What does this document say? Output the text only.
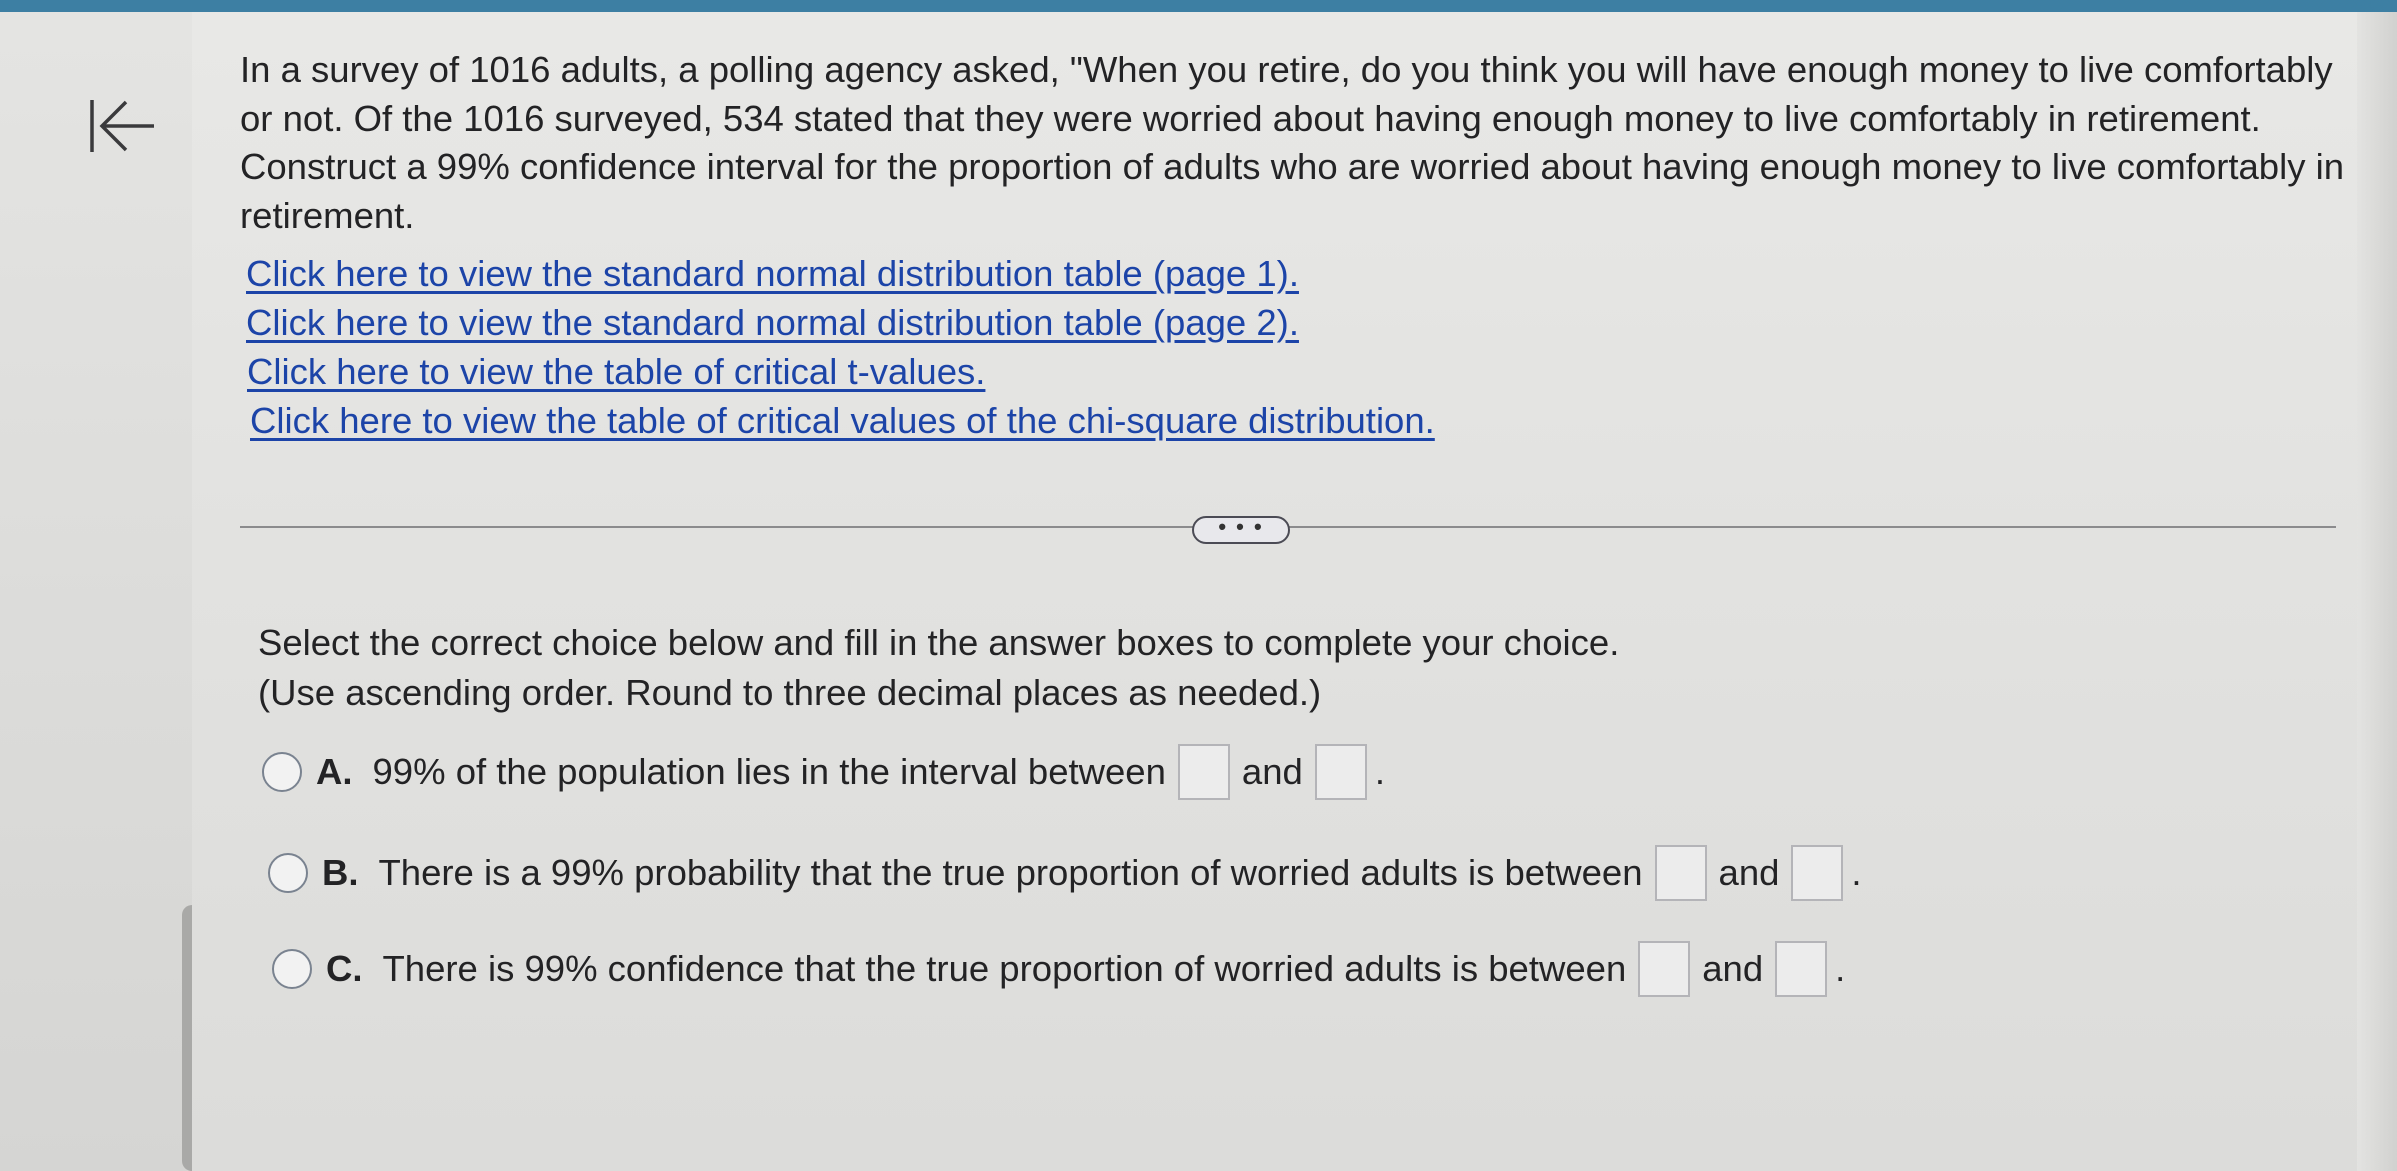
In a survey of 1016 adults, a polling agency asked, "When you retire, do you think you will have enough money to live comfortably or not. Of the 1016 surveyed, 534 stated that they were worried about having enough money to live comfortably in retirement. Construct a 99% confidence interval for the proportion of adults who are worried about having enough money to live comfortably in retirement.

Click here to view the standard normal distribution table (page 1).
Click here to view the standard normal distribution table (page 2).
Click here to view the table of critical t-values.
Click here to view the table of critical values of the chi-square distribution.
• • •
Select the correct choice below and fill in the answer boxes to complete your choice.
(Use ascending order. Round to three decimal places as needed.)
A. 99% of the population lies in the interval between and .
B. There is a 99% probability that the true proportion of worried adults is between and .
C. There is 99% confidence that the true proportion of worried adults is between and .
